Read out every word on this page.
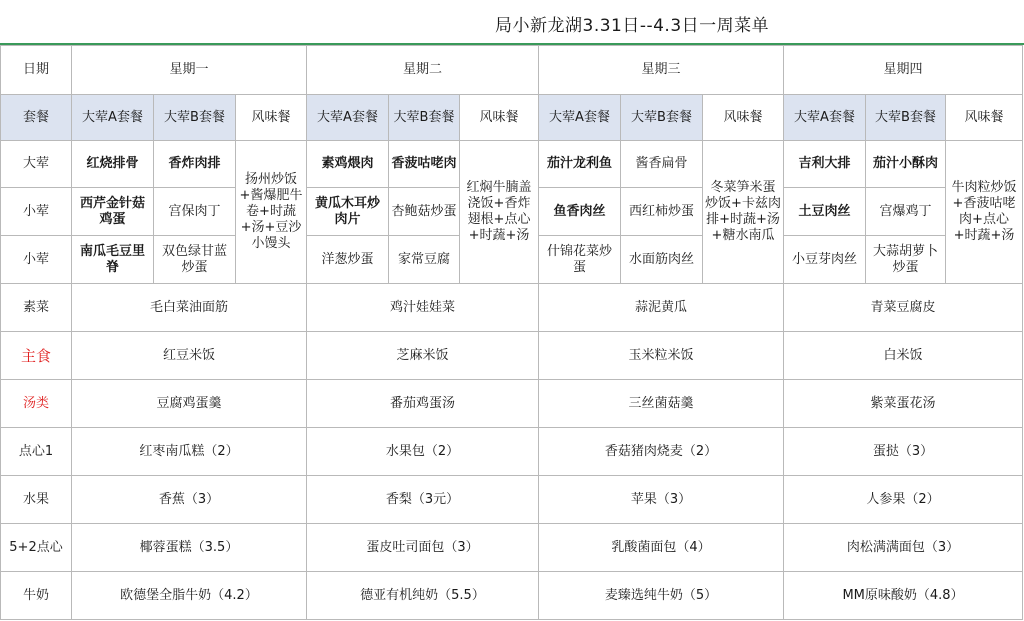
局小新龙湖3.31日--4.3日一周菜单
日期	星期一			星期二			星期三			星期四		
套餐	大荤A套餐	大荤B套餐	风味餐	大荤A套餐	大荤B套餐	风味餐	大荤A套餐	大荤B套餐	风味餐	大荤A套餐	大荤B套餐	风味餐
大荤	红烧排骨	香炸肉排	扬州炒饭+酱爆肥牛卷+时蔬+汤+豆沙小馒头	素鸡煨肉	香菠咕咾肉	红焖牛腩盖浇饭+香炸翅根+点心+时蔬+汤	茄汁龙利鱼	酱香扁骨	冬菜笋米蛋炒饭+卡兹肉排+时蔬+汤+糖水南瓜	吉利大排	茄汁小酥肉	牛肉粒炒饭+香菠咕咾肉+点心+时蔬+汤
小荤	西芹金针菇鸡蛋	宫保肉丁		黄瓜木耳炒肉片	杏鲍菇炒蛋		鱼香肉丝	西红柿炒蛋		土豆肉丝	宫爆鸡丁	
小荤	南瓜毛豆里脊	双色绿甘蓝炒蛋		洋葱炒蛋	家常豆腐		什锦花菜炒蛋	水面筋肉丝		小豆芽肉丝	大蒜胡萝卜炒蛋	
素菜	毛白菜油面筋			鸡汁娃娃菜			蒜泥黄瓜			青菜豆腐皮		
主食	红豆米饭			芝麻米饭			玉米粒米饭			白米饭		
汤类	豆腐鸡蛋羹			番茄鸡蛋汤			三丝菌菇羹			紫菜蛋花汤		
点心1	红枣南瓜糕（2）			水果包（2）			香菇猪肉烧麦（2）			蛋挞（3）		
水果	香蕉（3）			香梨（3元）			苹果（3）			人参果（2）		
5+2点心	椰蓉蛋糕（3.5）			蛋皮吐司面包（3）			乳酸菌面包（4）			肉松满满面包（3）		
牛奶	欧德堡全脂牛奶（4.2）			德亚有机纯奶（5.5）			麦臻选纯牛奶（5）			MM原味酸奶（4.8）		
